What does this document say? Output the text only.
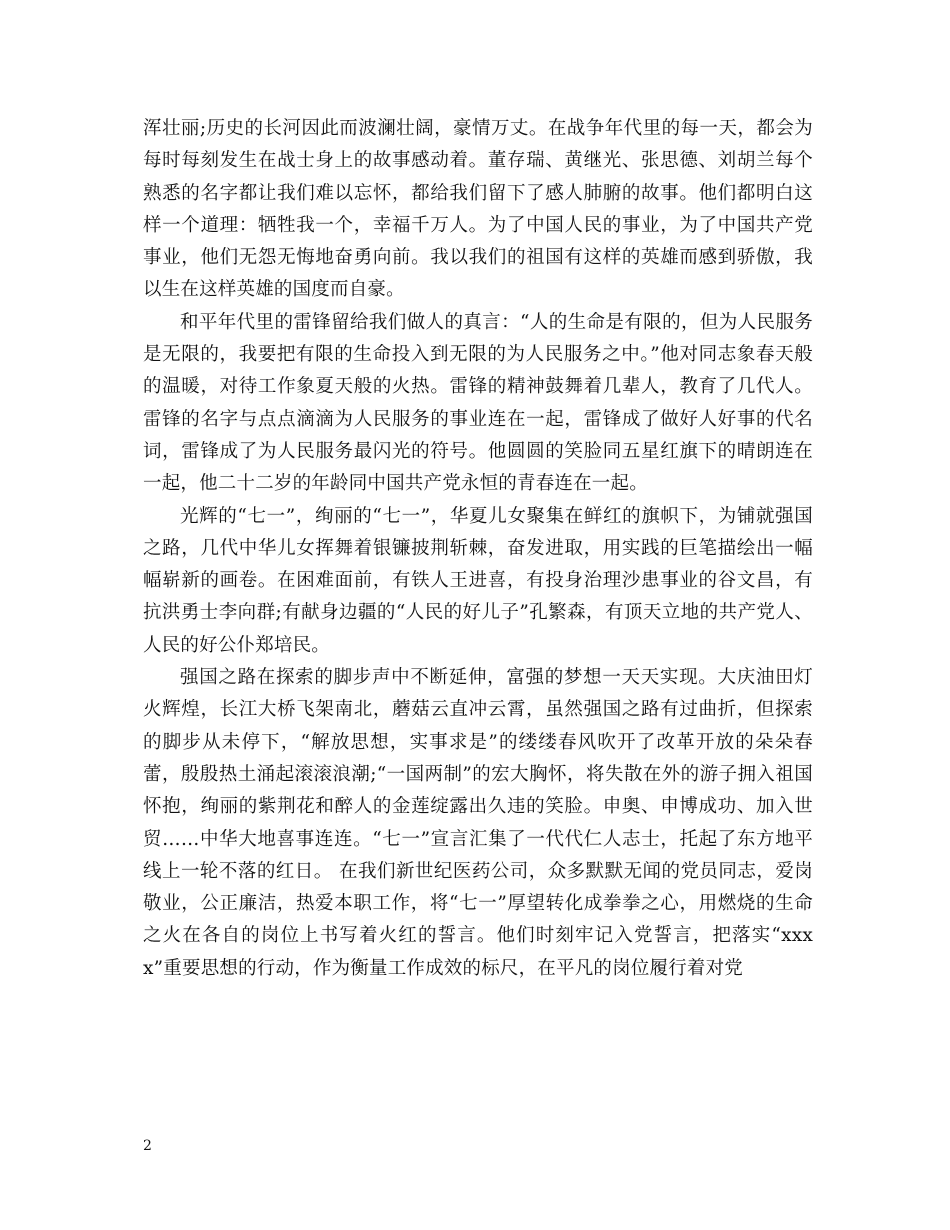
浑壮丽;历史的长河因此而波澜壮阔，豪情万丈。在战争年代里的每一天，都会为每时每刻发生在战士身上的故事感动着。董存瑞、黄继光、张思德、刘胡兰每个熟悉的名字都让我们难以忘怀，都给我们留下了感人肺腑的故事。他们都明白这样一个道理：牺牲我一个，幸福千万人。为了中国人民的事业，为了中国共产党事业，他们无怨无悔地奋勇向前。我以我们的祖国有这样的英雄而感到骄傲，我以生在这样英雄的国度而自豪。

和平年代里的雷锋留给我们做人的真言：“人的生命是有限的，但为人民服务是无限的，我要把有限的生命投入到无限的为人民服务之中。”他对同志象春天般的温暖，对待工作象夏天般的火热。雷锋的精神鼓舞着几辈人，教育了几代人。雷锋的名字与点点滴滴为人民服务的事业连在一起，雷锋成了做好人好事的代名词，雷锋成了为人民服务最闪光的符号。他圆圆的笑脸同五星红旗下的晴朗连在一起，他二十二岁的年龄同中国共产党永恒的青春连在一起。

光辉的“七一”，绚丽的“七一”，华夏儿女聚集在鲜红的旗帜下，为铺就强国之路，几代中华儿女挥舞着银镰披荆斩棘，奋发进取，用实践的巨笔描绘出一幅幅崭新的画卷。在困难面前，有铁人王进喜，有投身治理沙患事业的谷文昌，有抗洪勇士李向群;有献身边疆的“人民的好儿子”孔繁森，有顶天立地的共产党人、人民的好公仆郑培民。

强国之路在探索的脚步声中不断延伸，富强的梦想一天天实现。大庆油田灯火辉煌，长江大桥飞架南北，蘑菇云直冲云霄，虽然强国之路有过曲折，但探索的脚步从未停下，“解放思想，实事求是”的缕缕春风吹开了改革开放的朵朵春蕾，殷殷热土涌起滚滚浪潮;“一国两制”的宏大胸怀，将失散在外的游子拥入祖国怀抱，绚丽的紫荆花和醉人的金莲绽露出久违的笑脸。申奥、申博成功、加入世贸……中华大地喜事连连。“七一”宣言汇集了一代代仁人志士，托起了东方地平线上一轮不落的红日。 在我们新世纪医药公司，众多默默无闻的党员同志，爱岗敬业，公正廉洁，热爱本职工作，将“七一”厚望转化成拳拳之心，用燃烧的生命之火在各自的岗位上书写着火红的誓言。他们时刻牢记入党誓言，把落实“xxxx”重要思想的行动，作为衡量工作成效的标尺，在平凡的岗位履行着对党

2
